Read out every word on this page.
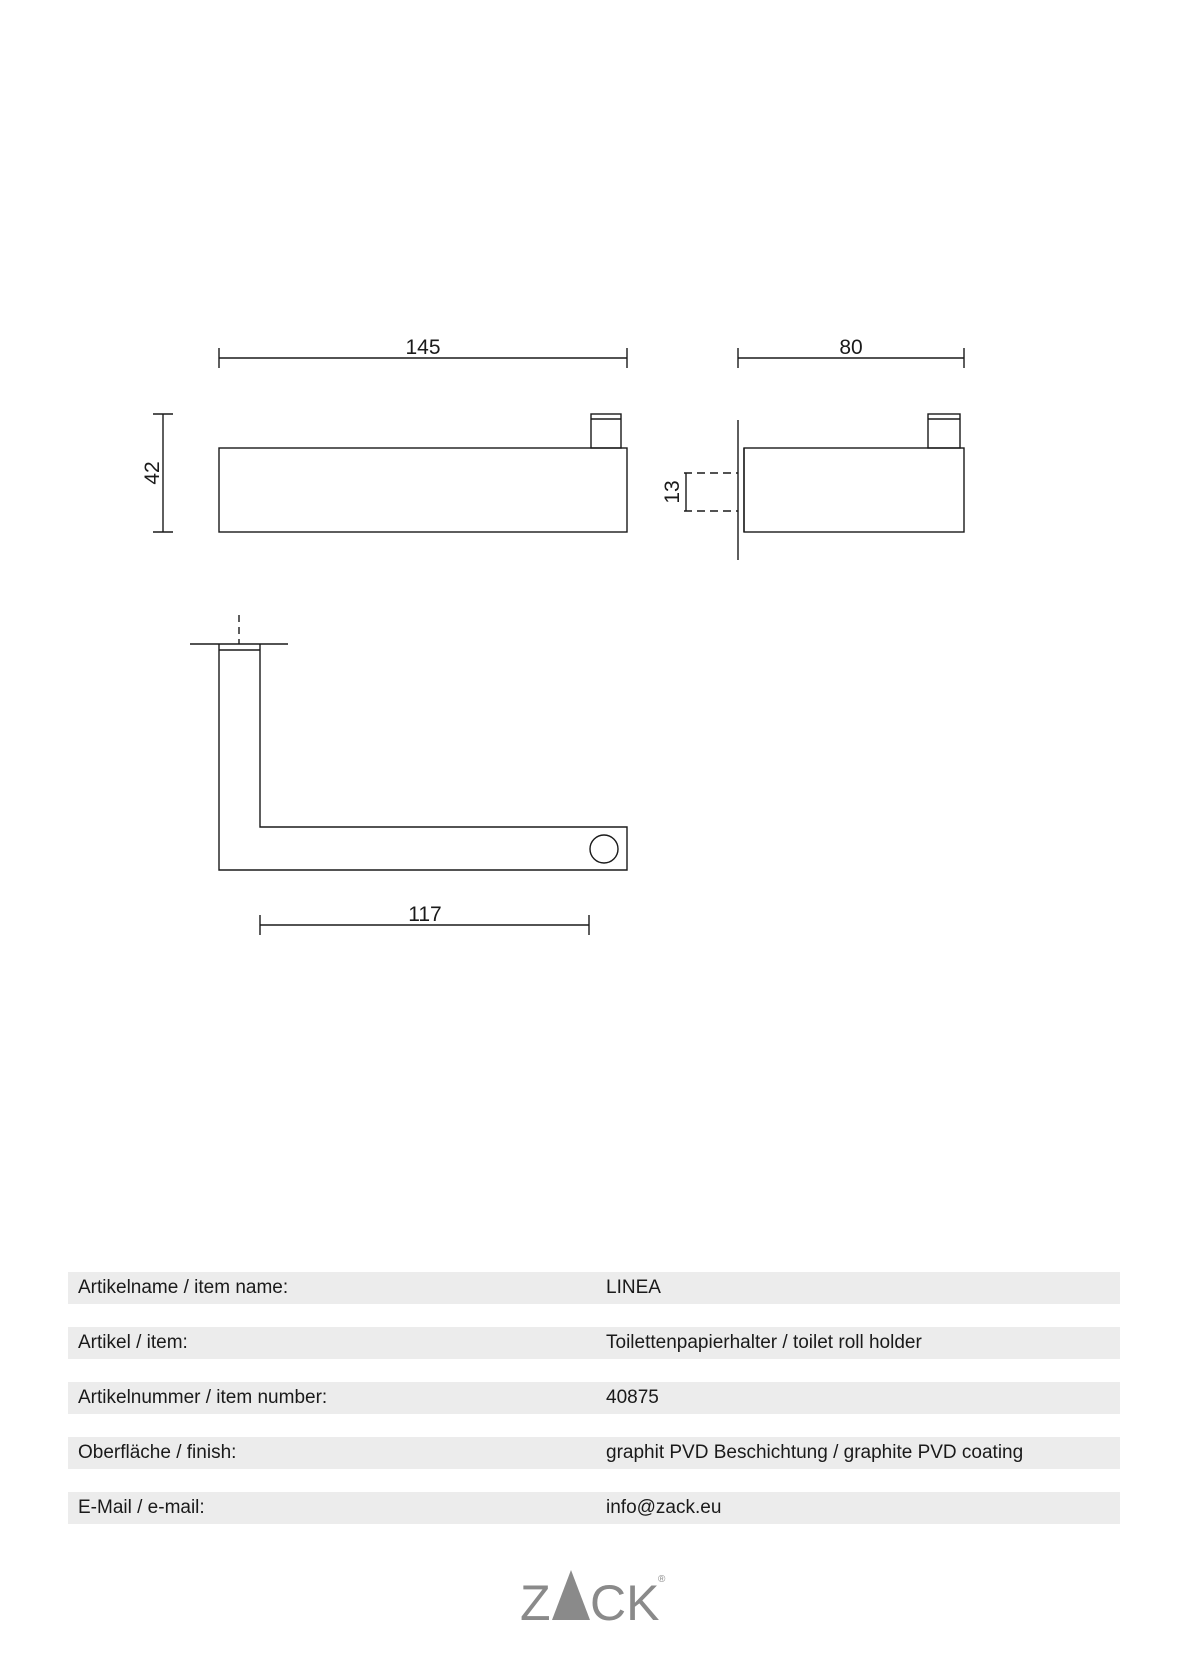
145	80
117
42
13
Artikelname / item name:	LINEA
Artikel / item:	Toilettenpapierhalter / toilet roll holder
Artikelnummer / item number:	40875
Oberfläche / finish:	graphit PVD Beschichtung / graphite PVD coating
E-Mail / e-mail:	info@zack.eu
Z CK
®
